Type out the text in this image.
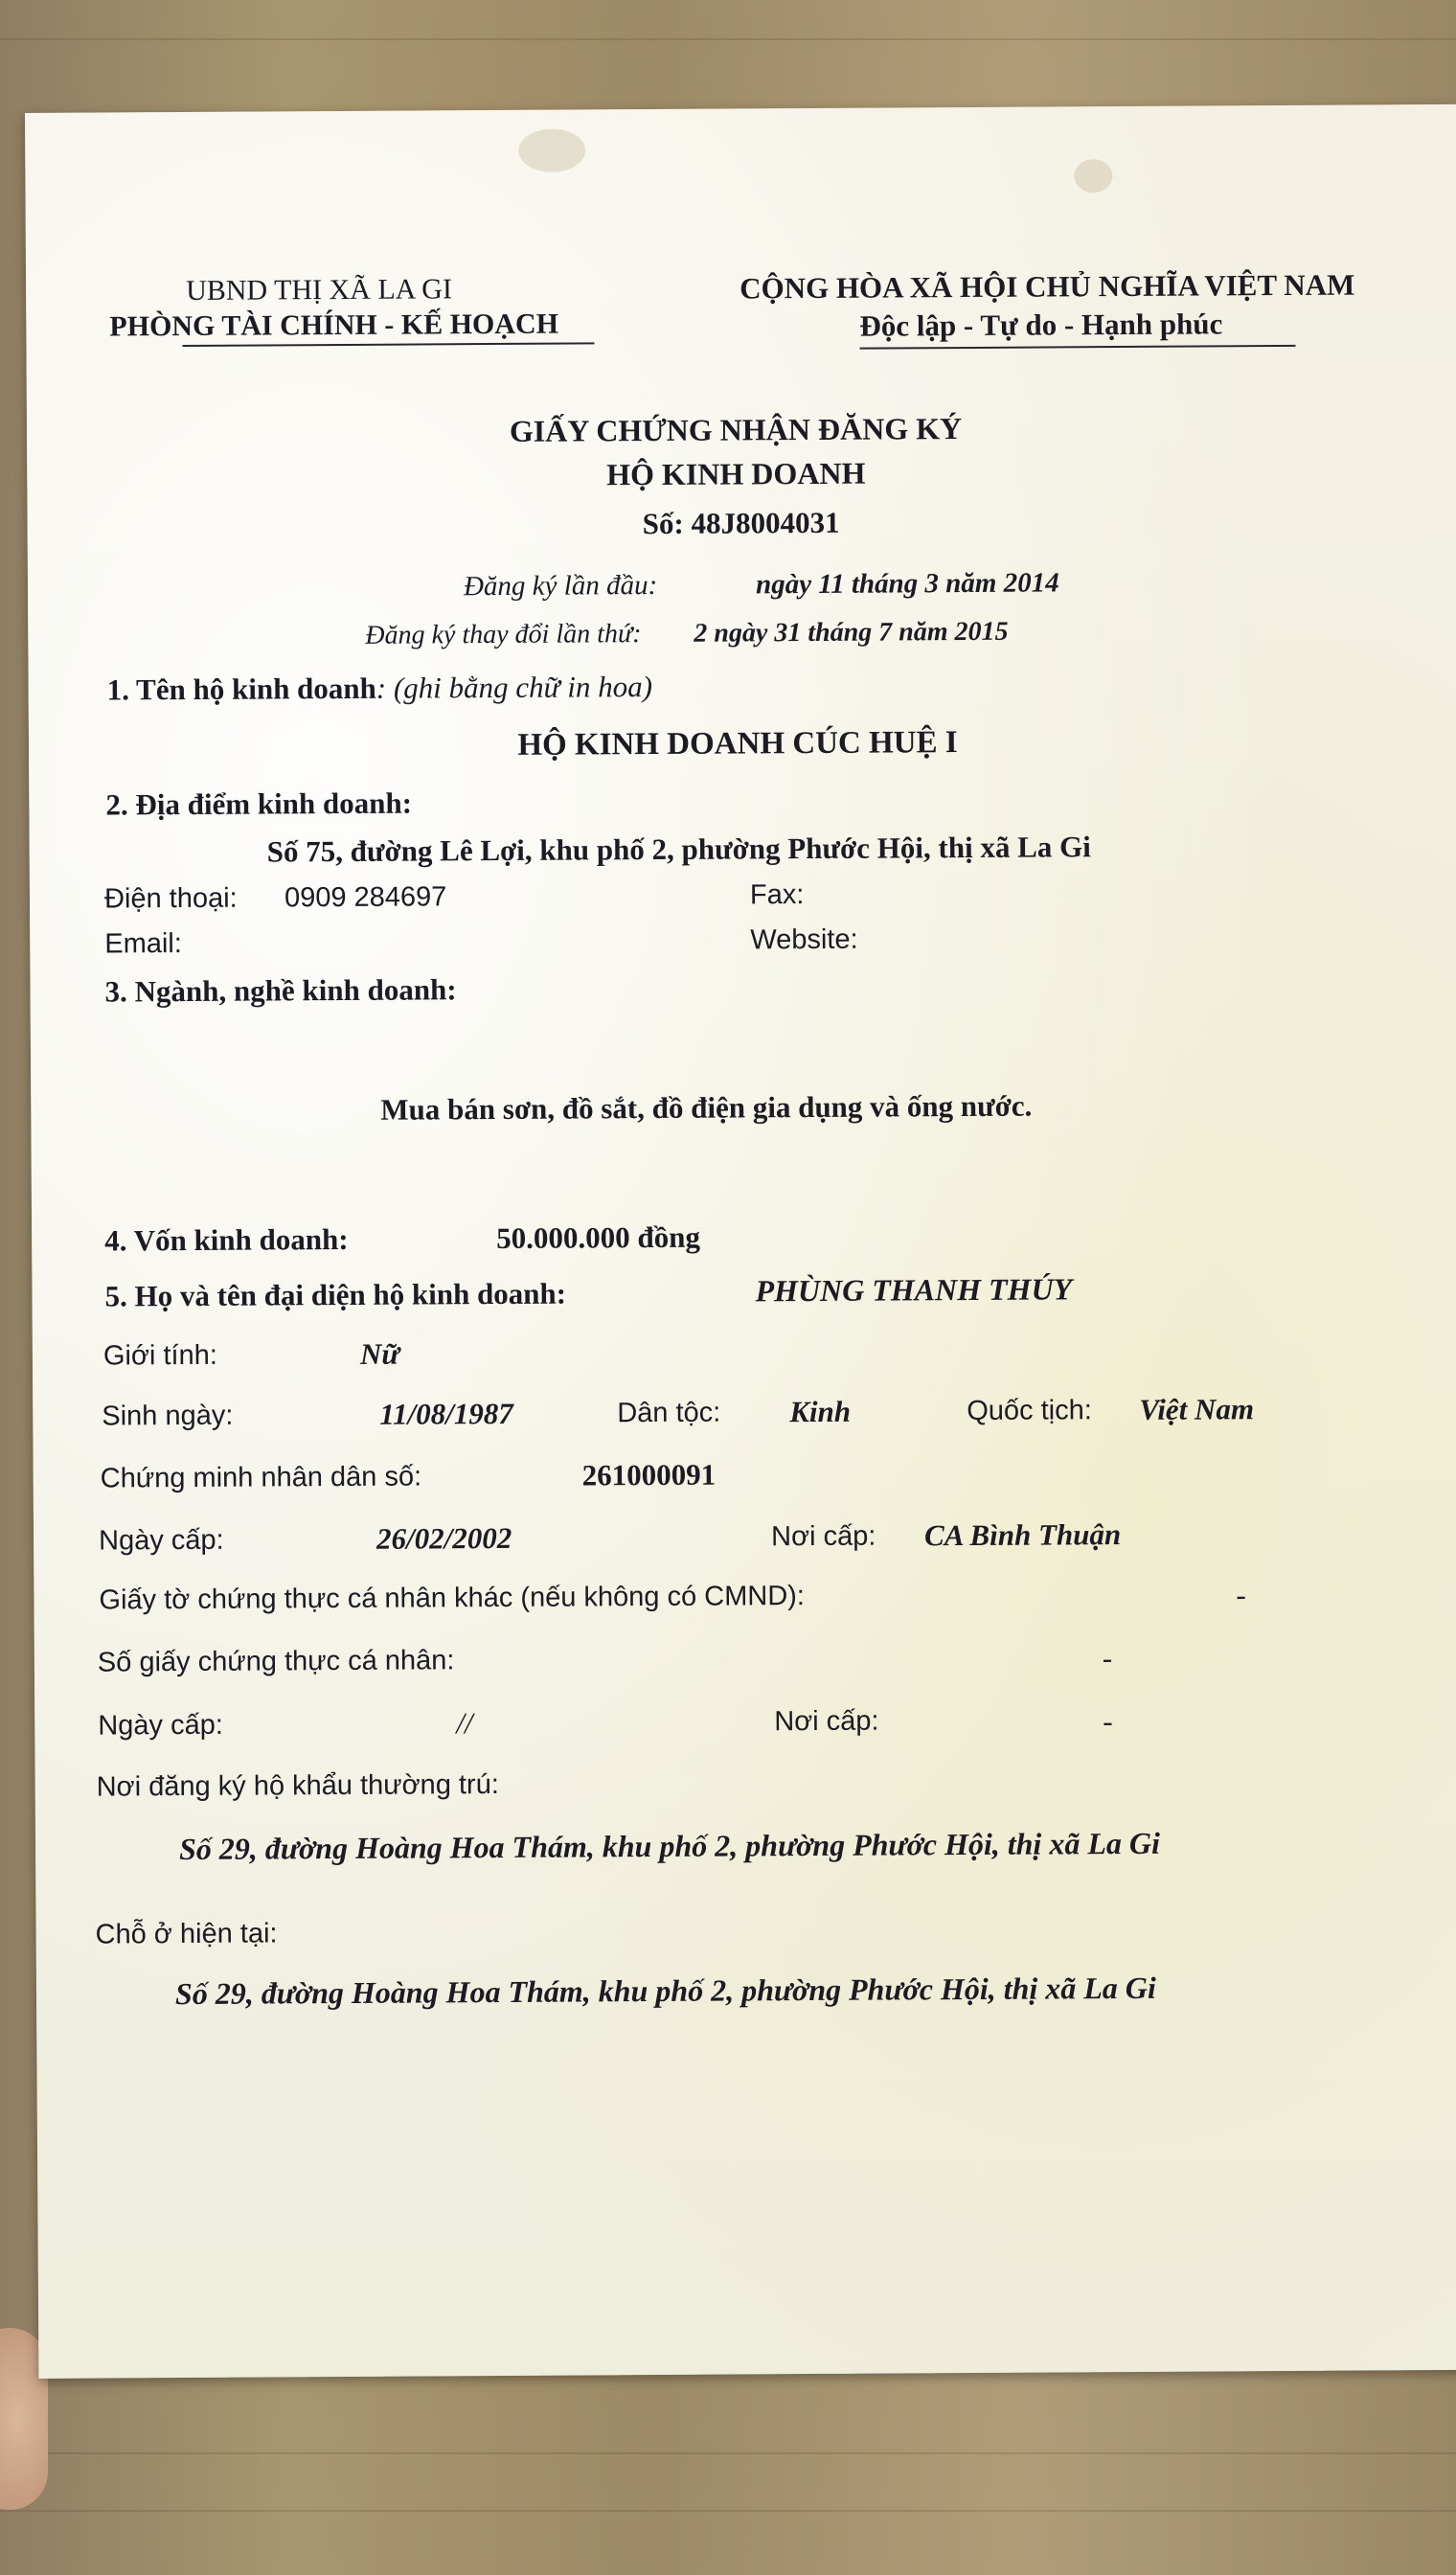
UBND THỊ XÃ LA GI
PHÒNG TÀI CHÍNH - KẾ HOẠCH
CỘNG HÒA XÃ HỘI CHỦ NGHĨA VIỆT NAM
Độc lập - Tự do - Hạnh phúc
GIẤY CHỨNG NHẬN ĐĂNG KÝ
HỘ KINH DOANH
Số: 48J8004031
Đăng ký lần đầu:	ngày 11 tháng 3 năm 2014
Đăng ký thay đổi lần thứ: 2 ngày 31 tháng 7 năm 2015
1. Tên hộ kinh doanh: (ghi bằng chữ in hoa)
HỘ KINH DOANH CÚC HUỆ I
2. Địa điểm kinh doanh:
Số 75, đường Lê Lợi, khu phố 2, phường Phước Hội, thị xã La Gi
Điện thoại: 0909 284697	Fax:
Email:	Website:
3. Ngành, nghề kinh doanh:
Mua bán sơn, đồ sắt, đồ điện gia dụng và ống nước.
4. Vốn kinh doanh:	50.000.000 đồng
5. Họ và tên đại diện hộ kinh doanh:	PHÙNG THANH THÚY
Giới tính:	Nữ
Sinh ngày:	11/08/1987	Dân tộc: Kinh	Quốc tịch: Việt Nam
Chứng minh nhân dân số:	261000091
Ngày cấp:	26/02/2002	Nơi cấp: CA Bình Thuận
Giấy tờ chứng thực cá nhân khác (nếu không có CMND):	-
Số giấy chứng thực cá nhân:	-
Ngày cấp:	//	Nơi cấp:	-
Nơi đăng ký hộ khẩu thường trú:
Số 29, đường Hoàng Hoa Thám, khu phố 2, phường Phước Hội, thị xã La Gi
Chỗ ở hiện tại:
Số 29, đường Hoàng Hoa Thám, khu phố 2, phường Phước Hội, thị xã La Gi
